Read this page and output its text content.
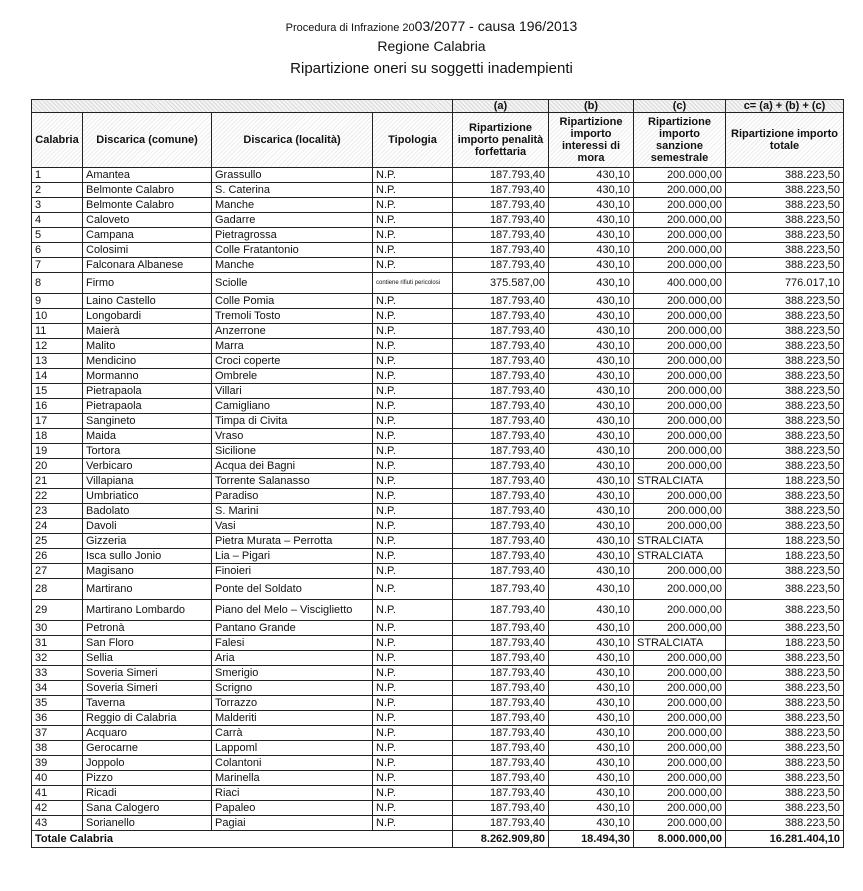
Procedura di Infrazione 2003/2077 - causa 196/2013
Regione Calabria
Ripartizione oneri su soggetti inadempienti
				(a)	(b)	(c)	c= (a) + (b) + (c)
Calabria	Discarica (comune)	Discarica (località)	Tipologia	Ripartizione importo penalità forfettaria	Ripartizione importo interessi di mora	Ripartizione importo sanzione semestrale	Ripartizione importo totale
1	Amantea	Grassullo	N.P.	187.793,40	430,10	200.000,00	388.223,50
2	Belmonte Calabro	S. Caterina	N.P.	187.793,40	430,10	200.000,00	388.223,50
3	Belmonte Calabro	Manche	N.P.	187.793,40	430,10	200.000,00	388.223,50
4	Caloveto	Gadarre	N.P.	187.793,40	430,10	200.000,00	388.223,50
5	Campana	Pietragrossa	N.P.	187.793,40	430,10	200.000,00	388.223,50
6	Colosimi	Colle Fratantonio	N.P.	187.793,40	430,10	200.000,00	388.223,50
7	Falconara Albanese	Manche	N.P.	187.793,40	430,10	200.000,00	388.223,50
8	Firmo	Sciolle	contiene rifiuti pericolosi	375.587,00	430,10	400.000,00	776.017,10
9	Laino Castello	Colle Pomia	N.P.	187.793,40	430,10	200.000,00	388.223,50
10	Longobardi	Tremoli Tosto	N.P.	187.793,40	430,10	200.000,00	388.223,50
11	Maierà	Anzerrone	N.P.	187.793,40	430,10	200.000,00	388.223,50
12	Malito	Marra	N.P.	187.793,40	430,10	200.000,00	388.223,50
13	Mendicino	Croci coperte	N.P.	187.793,40	430,10	200.000,00	388.223,50
14	Mormanno	Ombrele	N.P.	187.793,40	430,10	200.000,00	388.223,50
15	Pietrapaola	Villari	N.P.	187.793,40	430,10	200.000,00	388.223,50
16	Pietrapaola	Camigliano	N.P.	187.793,40	430,10	200.000,00	388.223,50
17	Sangineto	Timpa di Civita	N.P.	187.793,40	430,10	200.000,00	388.223,50
18	Maida	Vraso	N.P.	187.793,40	430,10	200.000,00	388.223,50
19	Tortora	Sicilione	N.P.	187.793,40	430,10	200.000,00	388.223,50
20	Verbicaro	Acqua dei Bagni	N.P.	187.793,40	430,10	200.000,00	388.223,50
21	Villapiana	Torrente Salanasso	N.P.	187.793,40	430,10	STRALCIATA	188.223,50
22	Umbriatico	Paradiso	N.P.	187.793,40	430,10	200.000,00	388.223,50
23	Badolato	S. Marini	N.P.	187.793,40	430,10	200.000,00	388.223,50
24	Davoli	Vasi	N.P.	187.793,40	430,10	200.000,00	388.223,50
25	Gizzeria	Pietra Murata – Perrotta	N.P.	187.793,40	430,10	STRALCIATA	188.223,50
26	Isca sullo Jonio	Lia – Pigari	N.P.	187.793,40	430,10	STRALCIATA	188.223,50
27	Magisano	Finoieri	N.P.	187.793,40	430,10	200.000,00	388.223,50
28	Martirano	Ponte del Soldato	N.P.	187.793,40	430,10	200.000,00	388.223,50
29	Martirano Lombardo	Piano del Melo – Visciglietto	N.P.	187.793,40	430,10	200.000,00	388.223,50
30	Petronà	Pantano Grande	N.P.	187.793,40	430,10	200.000,00	388.223,50
31	San Floro	Falesi	N.P.	187.793,40	430,10	STRALCIATA	188.223,50
32	Sellia	Aria	N.P.	187.793,40	430,10	200.000,00	388.223,50
33	Soveria Simeri	Smerigio	N.P.	187.793,40	430,10	200.000,00	388.223,50
34	Soveria Simeri	Scrigno	N.P.	187.793,40	430,10	200.000,00	388.223,50
35	Taverna	Torrazzo	N.P.	187.793,40	430,10	200.000,00	388.223,50
36	Reggio di Calabria	Malderiti	N.P.	187.793,40	430,10	200.000,00	388.223,50
37	Acquaro	Carrà	N.P.	187.793,40	430,10	200.000,00	388.223,50
38	Gerocarne	Lappoml	N.P.	187.793,40	430,10	200.000,00	388.223,50
39	Joppolo	Colantoni	N.P.	187.793,40	430,10	200.000,00	388.223,50
40	Pizzo	Marinella	N.P.	187.793,40	430,10	200.000,00	388.223,50
41	Ricadi	Riaci	N.P.	187.793,40	430,10	200.000,00	388.223,50
42	Sana Calogero	Papaleo	N.P.	187.793,40	430,10	200.000,00	388.223,50
43	Sorianello	Pagiai	N.P.	187.793,40	430,10	200.000,00	388.223,50
Totale Calabria				8.262.909,80	18.494,30	8.000.000,00	16.281.404,10
